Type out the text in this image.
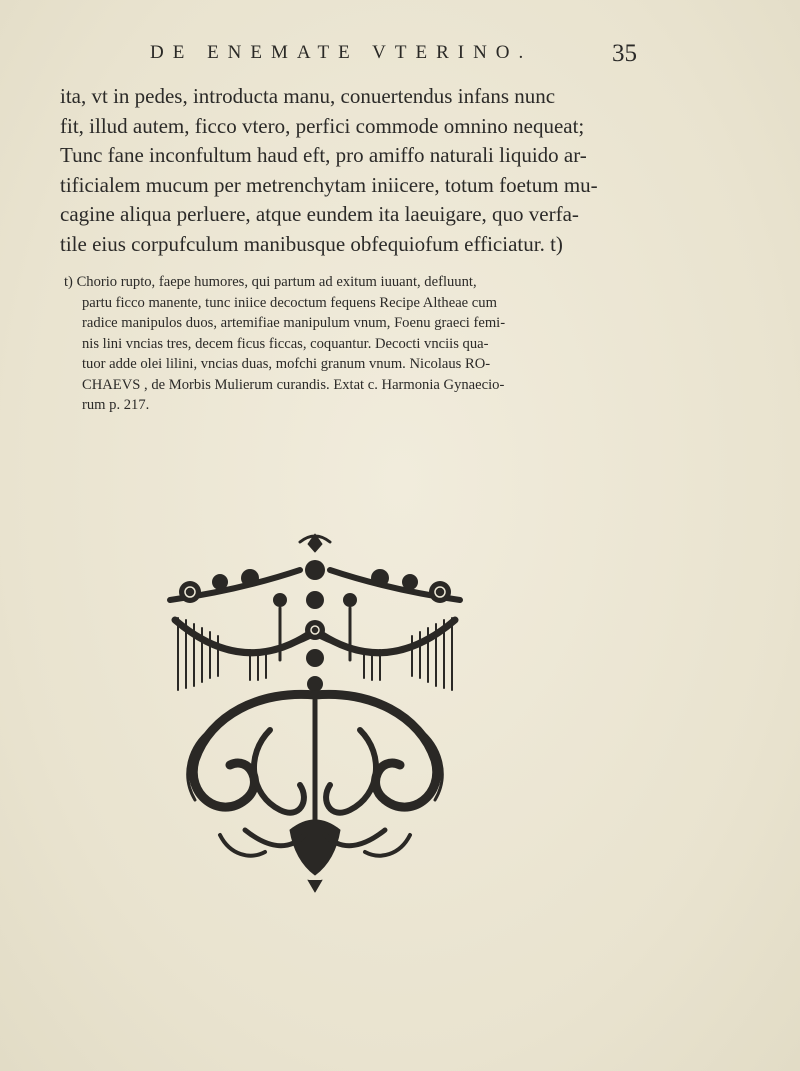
DE ENEMATE VTERINO.	35

ita, vt in pedes, introducta manu, conuertendus infans nunc
fit, illud autem, ficco vtero, perfici commode omnino nequeat;
Tunc fane inconfultum haud eft, pro amiffo naturali liquido ar-
tificialem mucum per metrenchytam iniicere, totum foetum mu-
cagine aliqua perluere, atque eundem ita laeuigare, quo verfa-
tile eius corpufculum manibusque obfequiofum efficiatur. t)

t) Chorio rupto, faepe humores, qui partum ad exitum iuuant, defluunt,
partu ficco manente, tunc iniice decoctum fequens Recipe Altheae cum
radice manipulos duos, artemifiae manipulum vnum, Foenu graeci femi-
nis lini vncias tres, decem ficus ficcas, coquantur. Decocti vnciis qua-
tuor adde olei lilini, vncias duas, mofchi granum vnum. Nicolaus RO-
CHAEVS , de Morbis Mulierum curandis. Extat c. Harmonia Gynaecio-
rum p. 217.
